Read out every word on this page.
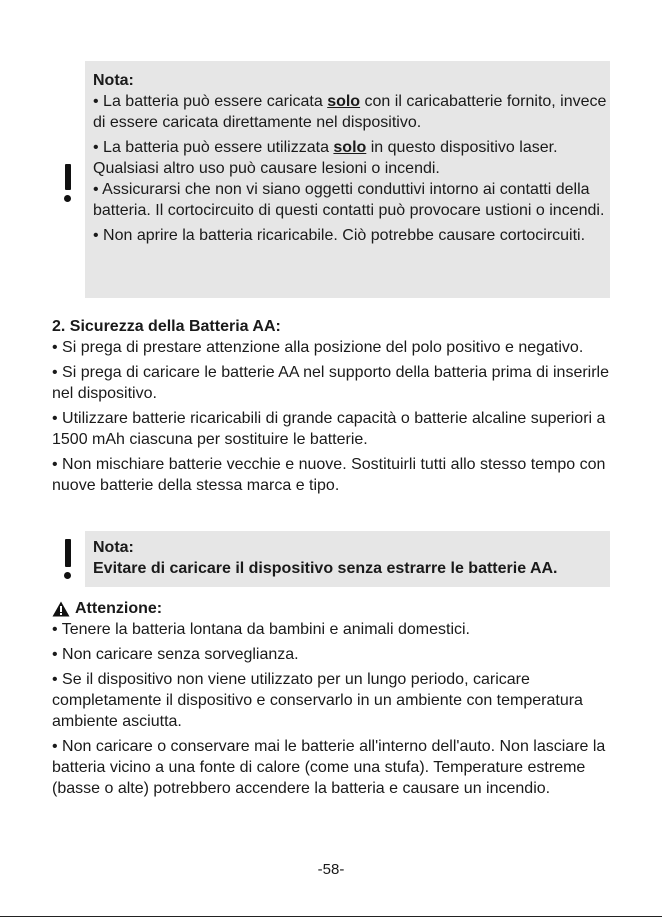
Nota:

• La batteria può essere caricata solo con il caricabatterie fornito, invece di essere caricata direttamente nel dispositivo.

• La batteria può essere utilizzata solo in questo dispositivo laser. Qualsiasi altro uso può causare lesioni o incendi.

• Assicurarsi che non vi siano oggetti conduttivi intorno ai contatti della batteria. Il cortocircuito di questi contatti può provocare ustioni o incendi.

• Non aprire la batteria ricaricabile. Ciò potrebbe causare cortocircuiti.

2. Sicurezza della Batteria AA:

• Si prega di prestare attenzione alla posizione del polo positivo e negativo.

• Si prega di caricare le batterie AA nel supporto della batteria prima di inserirle nel dispositivo.

• Utilizzare batterie ricaricabili di grande capacità o batterie alcaline superiori a 1500 mAh ciascuna per sostituire le batterie.

• Non mischiare batterie vecchie e nuove. Sostituirli tutti allo stesso tempo con nuove batterie della stessa marca e tipo.

Nota:
Evitare di caricare il dispositivo senza estrarre le batterie AA.
Attenzione:

• Tenere la batteria lontana da bambini e animali domestici.

• Non caricare senza sorveglianza.

• Se il dispositivo non viene utilizzato per un lungo periodo, caricare completamente il dispositivo e conservarlo in un ambiente con temperatura ambiente asciutta.

• Non caricare o conservare mai le batterie all'interno dell'auto. Non lasciare la batteria vicino a una fonte di calore (come una stufa). Temperature estreme (basse o alte) potrebbero accendere la batteria e causare un incendio.

-58-
